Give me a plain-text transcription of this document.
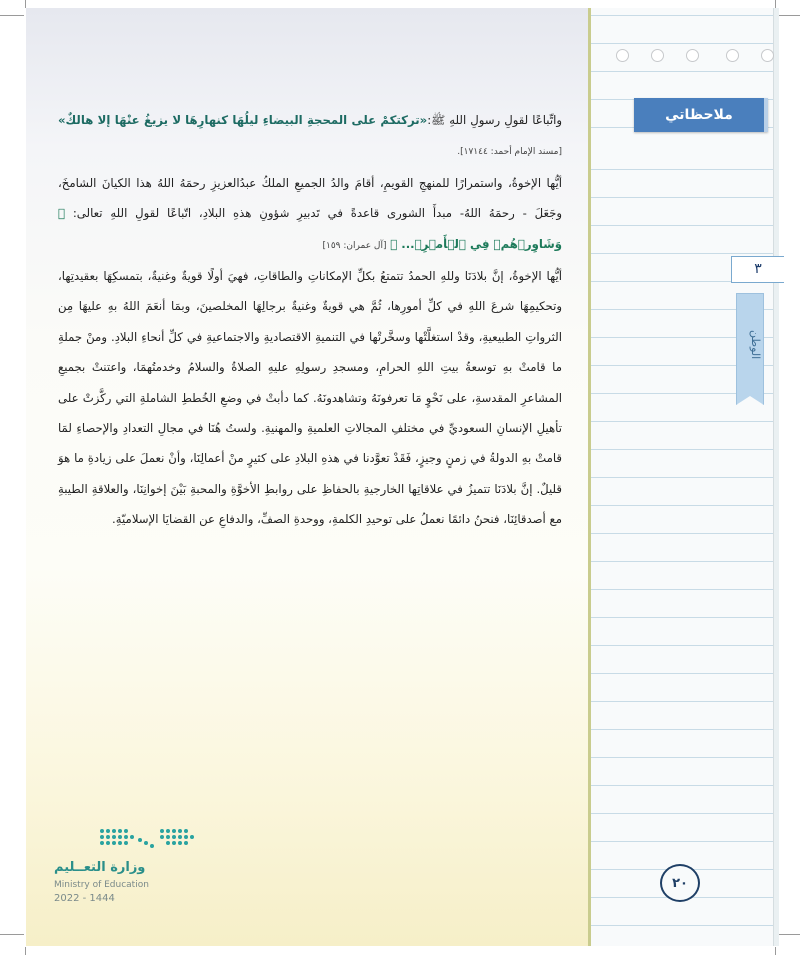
واتِّباعًا لقولِ رسولِ اللهِ ﷺ:«تركتكمْ على المحجةِ البيضاءِ ليلُهَا كنهارِهَا لا يزيغُ عنْهَا إلا هالكٌ» [مسند الإمام أحمد: ١٧١٤٤].

أيُّها الإخوةُ، واستمرارًا للمنهجِ القويمِ، أقامَ والدُ الجميعِ الملكُ عبدُالعزيزِ رحمَهُ اللهُ هذا الكيانَ الشامخَ، وجَعَلَ - رحمَهُ اللهُ- مبدأَ الشورى قاعدةً في تَدبيرِ شؤونِ هذهِ البلادِ، اتّباعًا لقولِ اللهِ تعالى: ﴿ وَشَاوِرۡهُمۡ فِي ٱلۡأَمۡرِۖ... ﴾ [آل عمران: ١٥٩]

أيُّها الإخوةُ، إنَّ بلادَنَا وللهِ الحمدُ تتمتعُ بكلِّ الإمكاناتِ والطاقاتِ، فهيَ أولًا قويةٌ وغنيةٌ، بتمسكِهَا بعقيدتِها، وتحكيمِهَا شرعَ اللهِ في كلِّ أمورِها، ثُمَّ هي قويةٌ وغنيةٌ برجالِهَا المخلصينَ، وبمَا أنعَمَ اللهُ بهِ عليهَا مِن الثرواتِ الطبيعيةِ، وقدْ استغلَّتْها وسخَّرتْها في التنميةِ الاقتصاديةِ والاجتماعيةِ في كلِّ أنحاءِ البلادِ. ومنْ جملةِ ما قامتْ بهِ توسعةُ بيتِ اللهِ الحرامِ، ومسجدِ رسولِهِ عليهِ الصلاةُ والسلامُ وخدمتُهمَا، واعتنتْ بجميعِ المشاعرِ المقدسةِ، على نَحْوٍ مَا تعرفونَهُ وتشاهدونَهُ. كما دأبتْ في وضعِ الخُططِ الشاملةِ التي ركَّزتْ على تأهيلِ الإنسانِ السعوديِّ في مختلفِ المجالاتِ العلميةِ والمهنيةِ. ولستُ هُنَا في مجالِ التعدادِ والإحصاءِ لمَا قامتْ بهِ الدولةُ في زمنٍ وجيزٍ، فَقَدْ تعوَّدنا في هذهِ البلادِ على كثيرٍ منْ أعمالِنَا، وأنْ نعملَ على زيادةِ ما هوَ قليلٌ. إنَّ بلادَنَا تتميزُ في علاقاتِها الخارجيةِ بالحفاظِ على روابطِ الأخوَّةِ والمحبةِ بَيْنَ إخوانِنَا، والعلاقةِ الطيبةِ مع أصدقائِنَا، فنحنُ دائمًا نعملُ على توحيدِ الكلمةِ، ووحدةِ الصفِّ، والدفاعِ عن القضايَا الإسلاميّةِ.

وزارة التعــليم
Ministry of Education
2022 - 1444
ملاحظاتي
٣
الوطن
٢٠
